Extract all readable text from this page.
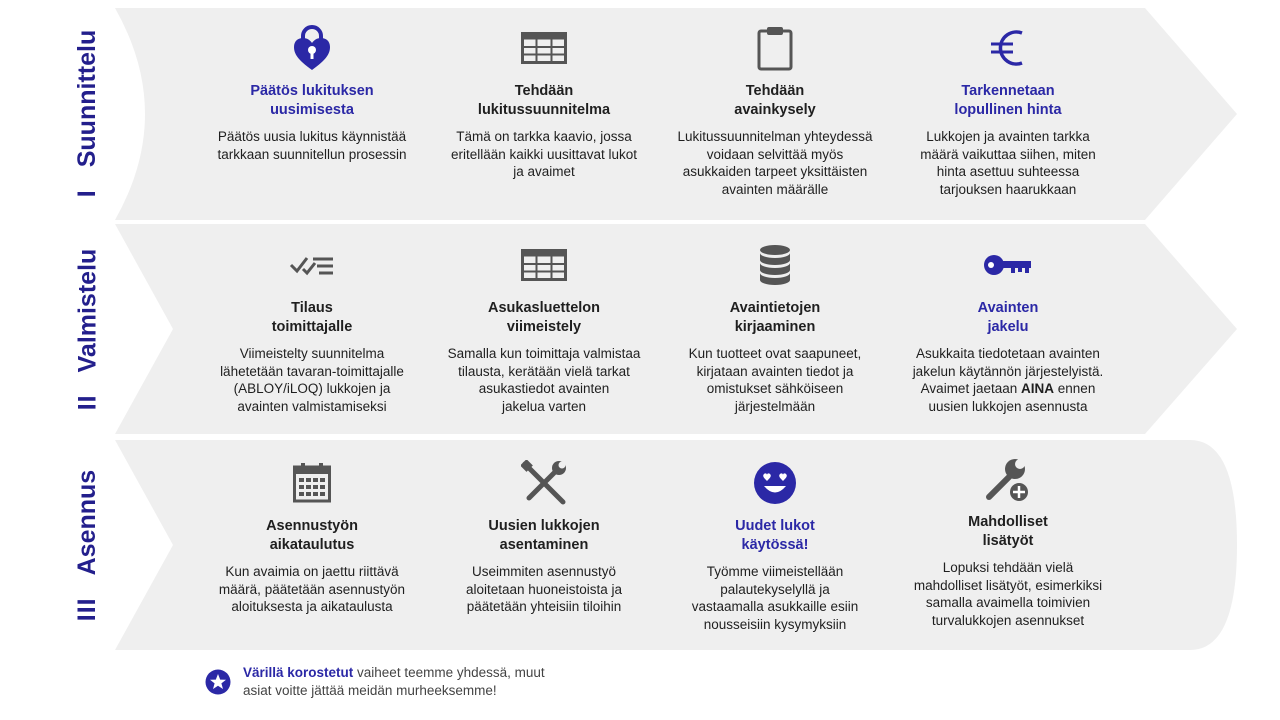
I
Suunnittelu	Päätös lukituksen
uusimisesta
Päätös uusia lukitus käynnistää
tarkkaan suunnitellun prosessin
Tehdään
lukitussuunnitelma
Tämä on tarkka kaavio, jossa
eritellään kaikki uusittavat lukot
ja avaimet
Tehdään
avainkysely
Lukitussuunnitelman yhteydessä
voidaan selvittää myös
asukkaiden tarpeet yksittäisten
avainten määrälle
Tarkennetaan
lopullinen hinta
Lukkojen ja avainten tarkka
määrä vaikuttaa siihen, miten
hinta asettuu suhteessa
tarjouksen haarukkaan
II
Valmistelu	Tilaus
toimittajalle
Viimeistelty suunnitelma
lähetetään tavaran-toimittajalle
(ABLOY/iLOQ) lukkojen ja
avainten valmistamiseksi
Asukasluettelon
viimeistely
Samalla kun toimittaja valmistaa
tilausta, kerätään vielä tarkat
asukastiedot avainten
jakelua varten
Avaintietojen
kirjaaminen
Kun tuotteet ovat saapuneet,
kirjataan avainten tiedot ja
omistukset sähköiseen
järjestelmään
Avainten
jakelu
Asukkaita tiedotetaan avainten
jakelun käytännön järjestelyistä.
Avaimet jaetaan AINA ennen
uusien lukkojen asennusta
III
Asennus	Asennustyön
aikataulutus
Kun avaimia on jaettu riittävä
määrä, päätetään asennustyön
aloituksesta ja aikataulusta
Uusien lukkojen
asentaminen
Useimmiten asennustyö
aloitetaan huoneistoista ja
päätetään yhteisiin tiloihin
Uudet lukot
käytössä!
Työmme viimeistellään
palautekyselyllä ja
vastaamalla asukkaille esiin
nousseisiin kysymyksiin
Mahdolliset
lisätyöt
Lopuksi tehdään vielä
mahdolliset lisätyöt, esimerkiksi
samalla avaimella toimivien
turvalukkojen asennukset
Värillä korostetut vaiheet teemme yhdessä, muut
asiat voitte jättää meidän murheeksemme!
